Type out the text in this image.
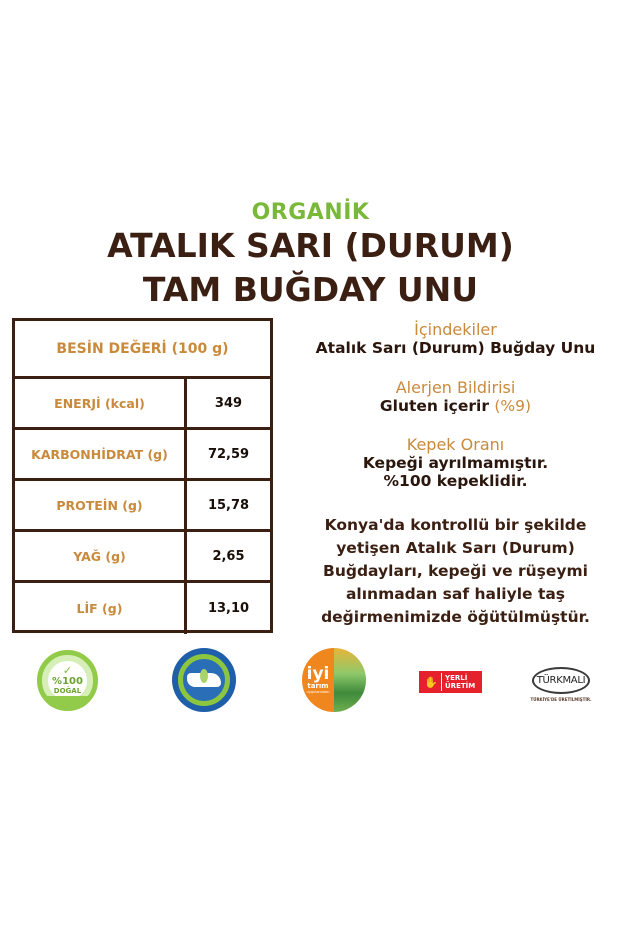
ORGANİK
ATALIK SARI (DURUM)
TAM BUĞDAY UNU
BESİN DEĞERİ (100 g)
ENERJİ (kcal)	349
KARBONHİDRAT (g)	72,59
PROTEİN (g)	15,78
YAĞ (g)	2,65
LİF (g)	13,10
İçindekiler
Atalık Sarı (Durum) Buğday Unu
Alerjen Bildirisi
Gluten içerir (%9)
Kepek Oranı
Kepeği ayrılmamıştır.
%100 kepeklidir.
Konya'da kontrollü bir şekilde
yetişen Atalık Sarı (Durum)
Buğdayları, kepeği ve rüşeymi
alınmadan saf haliyle taş
değirmenimizde öğütülmüştür.
✓
%100
DOĞAL
iyi
tarım
uygulamaları
✋	YERLİ
ÜRETİM	TÜRKMALI
TÜRKİYE'DE ÜRETİLMİŞTİR.
